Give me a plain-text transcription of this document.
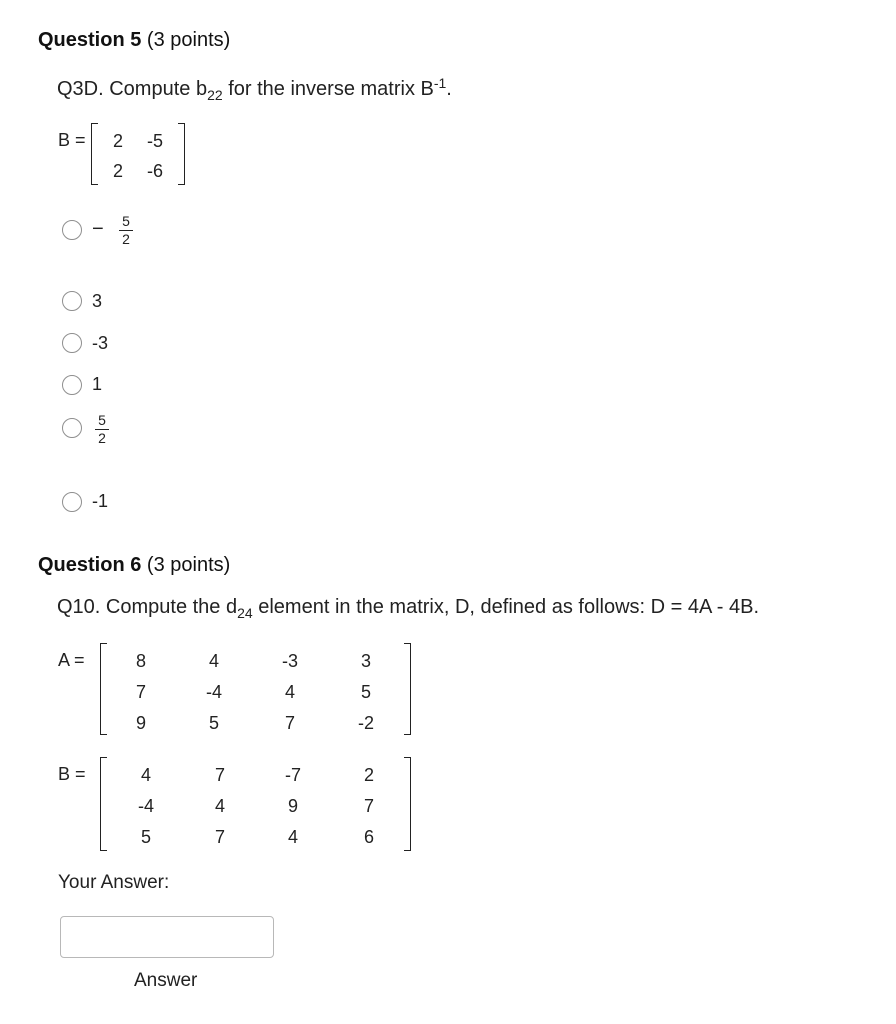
Question 5 (3 points)
Q3D. Compute $b_{22}$ for the inverse matrix $B^{-1}$.
B =	2	-5
2	-6
− 5
2
3
-3
1
5
2
-1
Question 6 (3 points)
Q10. Compute the $d_{24}$ element in the matrix, D, defined as follows: D = 4A - 4B.
A =	8	4	-3	3
7	-4	4	5
9	5	7	-2
B =	4	7	-7	2
-4	4	9	7
5	7	4	6
Your Answer:
Answer
